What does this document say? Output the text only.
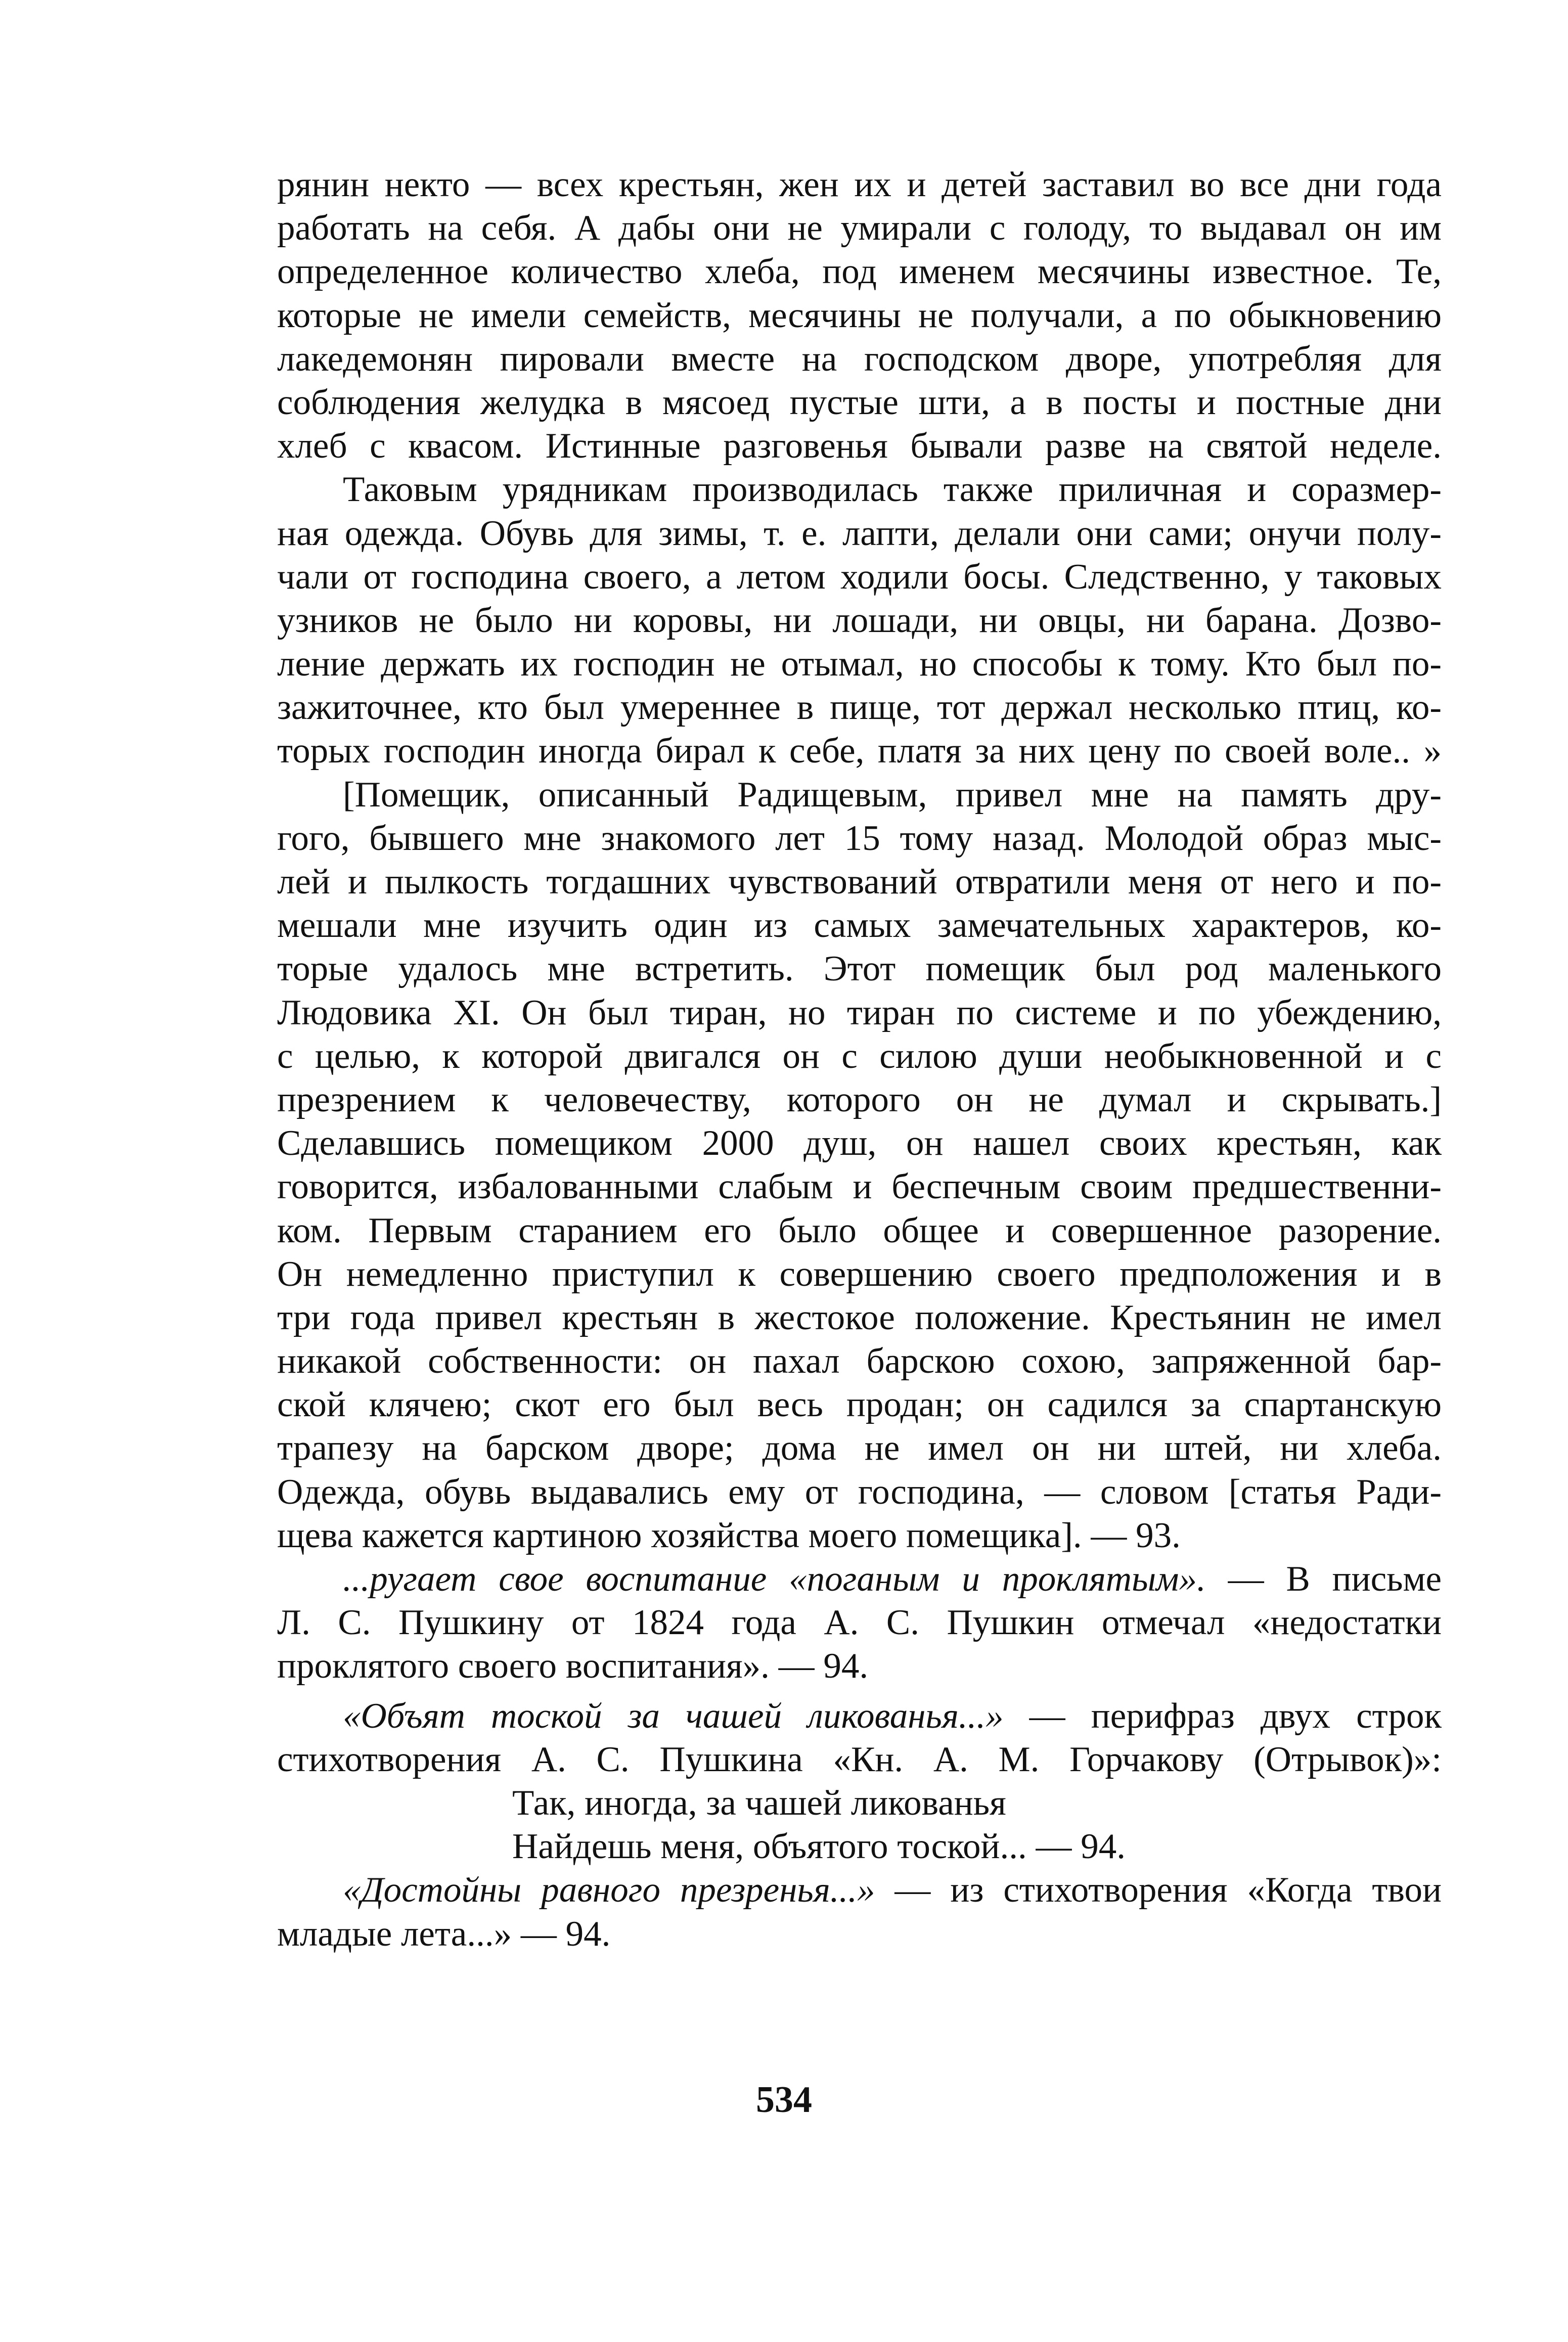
рянин некто — всех крестьян, жен их и детей заставил во все дни года
работать на себя. А дабы они не умирали с голоду, то выдавал он им
определенное количество хлеба, под именем месячины известное. Те,
которые не имели семейств, месячины не получали, а по обыкновению
лакедемонян пировали вместе на господском дворе, употребляя для
соблюдения желудка в мясоед пустые шти, а в посты и постные дни
хлеб с квасом. Истинные разговенья бывали разве на святой неделе.
Таковым урядникам производилась также приличная и соразмер-
ная одежда. Обувь для зимы, т. е. лапти, делали они сами; онучи полу-
чали от господина своего, а летом ходили босы. Следственно, у таковых
узников не было ни коровы, ни лошади, ни овцы, ни барана. Дозво-
ление держать их господин не отымал, но способы к тому. Кто был по-
зажиточнее, кто был умереннее в пище, тот держал несколько птиц, ко-
торых господин иногда бирал к себе, платя за них цену по своей воле.. »
[Помещик, описанный Радищевым, привел мне на память дру-
гого, бывшего мне знакомого лет 15 тому назад. Молодой образ мыс-
лей и пылкость тогдашних чувствований отвратили меня от него и по-
мешали мне изучить один из самых замечательных характеров, ко-
торые удалось мне встретить. Этот помещик был род маленького
Людовика XI. Он был тиран, но тиран по системе и по убеждению,
с целью, к которой двигался он с силою души необыкновенной и с
презрением к человечеству, которого он не думал и скрывать.]
Сделавшись помещиком 2000 душ, он нашел своих крестьян, как
говорится, избалованными слабым и беспечным своим предшественни-
ком. Первым старанием его было общее и совершенное разорение.
Он немедленно приступил к совершению своего предположения и в
три года привел крестьян в жестокое положение. Крестьянин не имел
никакой собственности: он пахал барскою сохою, запряженной бар-
ской клячею; скот его был весь продан; он садился за спартанскую
трапезу на барском дворе; дома не имел он ни штей, ни хлеба.
Одежда, обувь выдавались ему от господина, — словом [статья Ради-
щева кажется картиною хозяйства моего помещика]. — 93.
...ругает свое воспитание «поганым и проклятым». — В письме
Л. С. Пушкину от 1824 года А. С. Пушкин отмечал «недостатки
проклятого своего воспитания». — 94.
«Объят тоской за чашей ликованья...» — перифраз двух строк
стихотворения А. С. Пушкина «Кн. А. М. Горчакову (Отрывок)»:
Так, иногда, за чашей ликованья
Найдешь меня, объятого тоской... — 94.
«Достойны равного презренья...» — из стихотворения «Когда твои
младые лета...» — 94.
534
